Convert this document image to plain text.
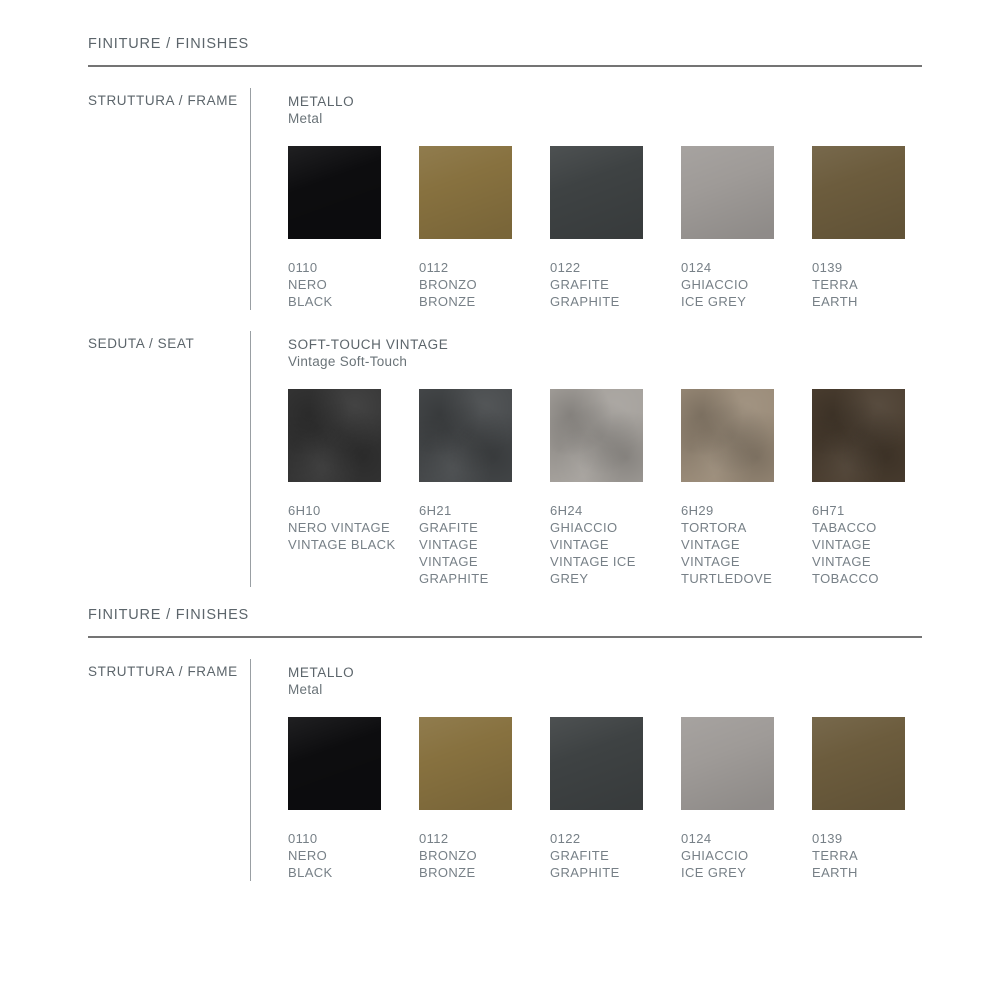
FINITURE / FINISHES
STRUTTURA / FRAME	METALLO
Metal
0110
NERO
BLACK
0112
BRONZO
BRONZE
0122
GRAFITE
GRAPHITE
0124
GHIACCIO
ICE GREY
0139
TERRA
EARTH
SEDUTA / SEAT	SOFT-TOUCH VINTAGE
Vintage Soft-Touch
6H10
NERO VINTAGE
VINTAGE BLACK
6H21
GRAFITE
VINTAGE
VINTAGE
GRAPHITE
6H24
GHIACCIO
VINTAGE
VINTAGE ICE
GREY
6H29
TORTORA
VINTAGE
VINTAGE
TURTLEDOVE
6H71
TABACCO
VINTAGE
VINTAGE
TOBACCO
FINITURE / FINISHES
STRUTTURA / FRAME	METALLO
Metal
0110
NERO
BLACK
0112
BRONZO
BRONZE
0122
GRAFITE
GRAPHITE
0124
GHIACCIO
ICE GREY
0139
TERRA
EARTH
